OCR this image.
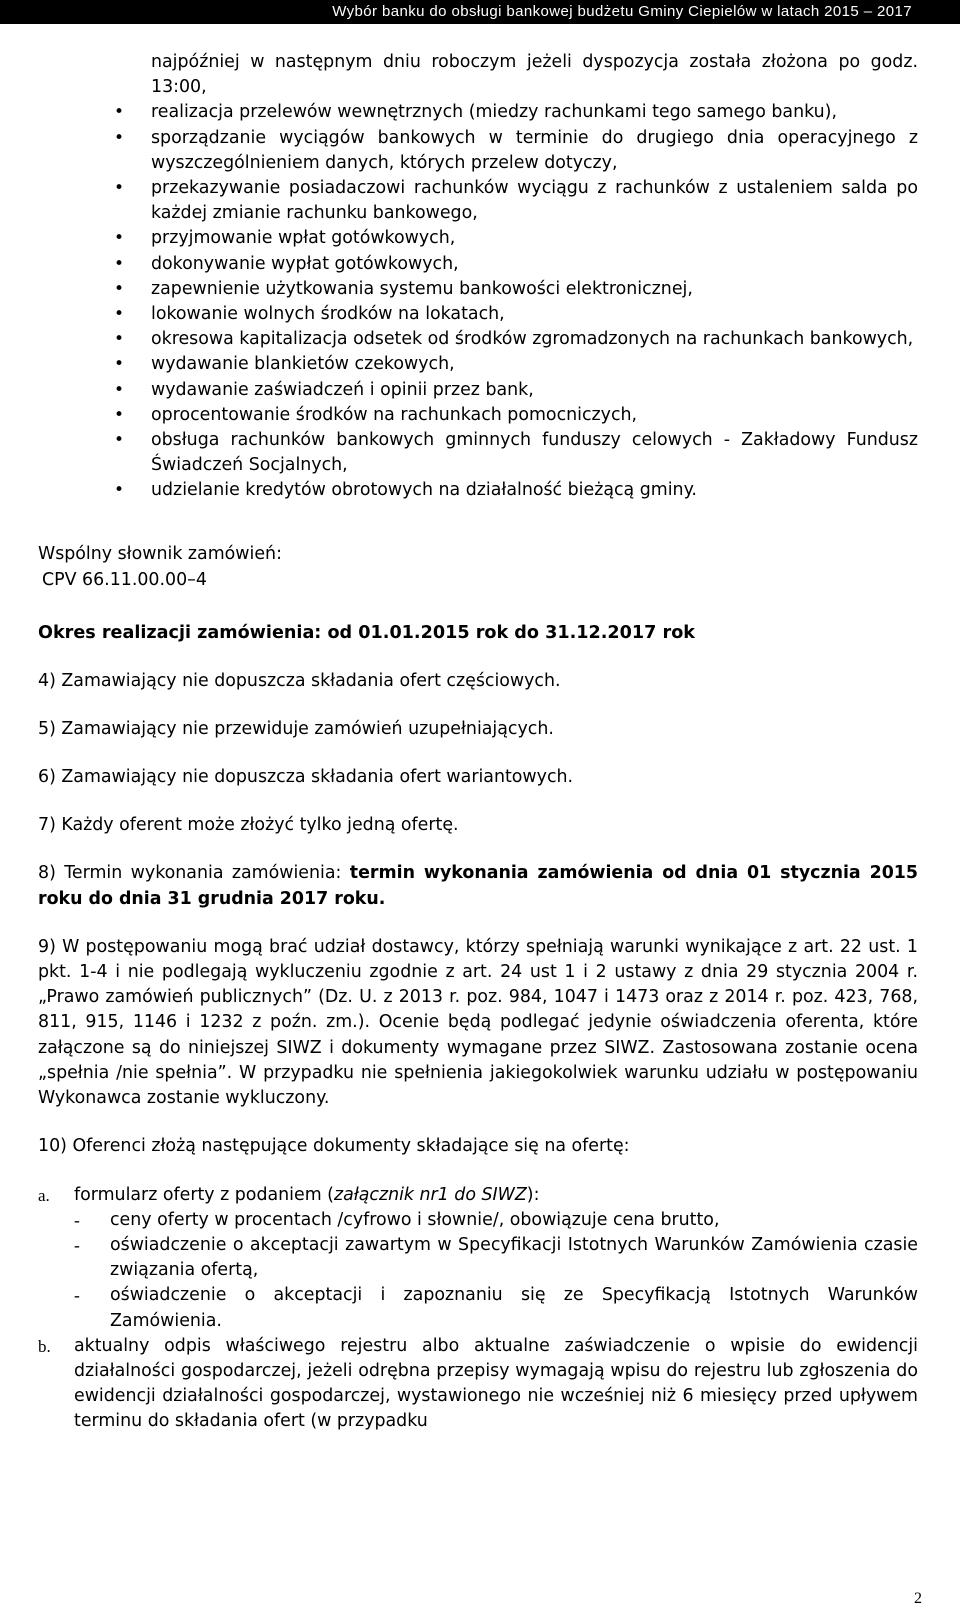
Wybór banku do obsługi bankowej budżetu Gminy Ciepielów w latach 2015 – 2017
najpóźniej w następnym dniu roboczym jeżeli dyspozycja została złożona po godz. 13:00,
• realizacja przelewów wewnętrznych (miedzy rachunkami tego samego banku),
• sporządzanie wyciągów bankowych w terminie do drugiego dnia operacyjnego z wyszczególnieniem danych, których przelew dotyczy,
• przekazywanie posiadaczowi rachunków wyciągu z rachunków z ustaleniem salda po każdej zmianie rachunku bankowego,
• przyjmowanie wpłat gotówkowych,
• dokonywanie wypłat gotówkowych,
• zapewnienie użytkowania systemu bankowości elektronicznej,
• lokowanie wolnych środków na lokatach,
• okresowa kapitalizacja odsetek od środków zgromadzonych na rachunkach bankowych,
• wydawanie blankietów czekowych,
• wydawanie zaświadczeń i opinii przez bank,
• oprocentowanie środków na rachunkach pomocniczych,
• obsługa rachunków bankowych gminnych funduszy celowych - Zakładowy Fundusz Świadczeń Socjalnych,
• udzielanie kredytów obrotowych na działalność bieżącą gminy.
Wspólny słownik zamówień:
CPV 66.11.00.00–4
Okres realizacji zamówienia: od 01.01.2015 rok do 31.12.2017 rok

4) Zamawiający nie dopuszcza składania ofert częściowych.

5) Zamawiający nie przewiduje zamówień uzupełniających.

6) Zamawiający nie dopuszcza składania ofert wariantowych.

7) Każdy oferent może złożyć tylko jedną ofertę.

8) Termin wykonania zamówienia: termin wykonania zamówienia od dnia 01 stycznia 2015 roku do dnia 31 grudnia 2017 roku.

9) W postępowaniu mogą brać udział dostawcy, którzy spełniają warunki wynikające z art. 22 ust. 1 pkt. 1-4 i nie podlegają wykluczeniu zgodnie z art. 24 ust 1 i 2 ustawy z dnia 29 stycznia 2004 r. „Prawo zamówień publicznych” (Dz. U. z 2013 r. poz. 984, 1047 i 1473 oraz z 2014 r. poz. 423, 768, 811, 915, 1146 i 1232 z poźn. zm.). Ocenie będą podlegać jedynie oświadczenia oferenta, które załączone są do niniejszej SIWZ i dokumenty wymagane przez SIWZ. Zastosowana zostanie ocena „spełnia /nie spełnia”. W przypadku nie spełnienia jakiegokolwiek warunku udziału w postępowaniu Wykonawca zostanie wykluczony.

10) Oferenci złożą następujące dokumenty składające się na ofertę:

a. formularz oferty z podaniem (załącznik nr1 do SIWZ):
- ceny oferty w procentach /cyfrowo i słownie/, obowiązuje cena brutto,
- oświadczenie o akceptacji zawartym w Specyfikacji Istotnych Warunków Zamówienia czasie związania ofertą,
- oświadczenie o akceptacji i zapoznaniu się ze Specyfikacją Istotnych Warunków Zamówienia.
b. aktualny odpis właściwego rejestru albo aktualne zaświadczenie o wpisie do ewidencji działalności gospodarczej, jeżeli odrębna przepisy wymagają wpisu do rejestru lub zgłoszenia do ewidencji działalności gospodarczej, wystawionego nie wcześniej niż 6 miesięcy przed upływem terminu do składania ofert (w przypadku
2
